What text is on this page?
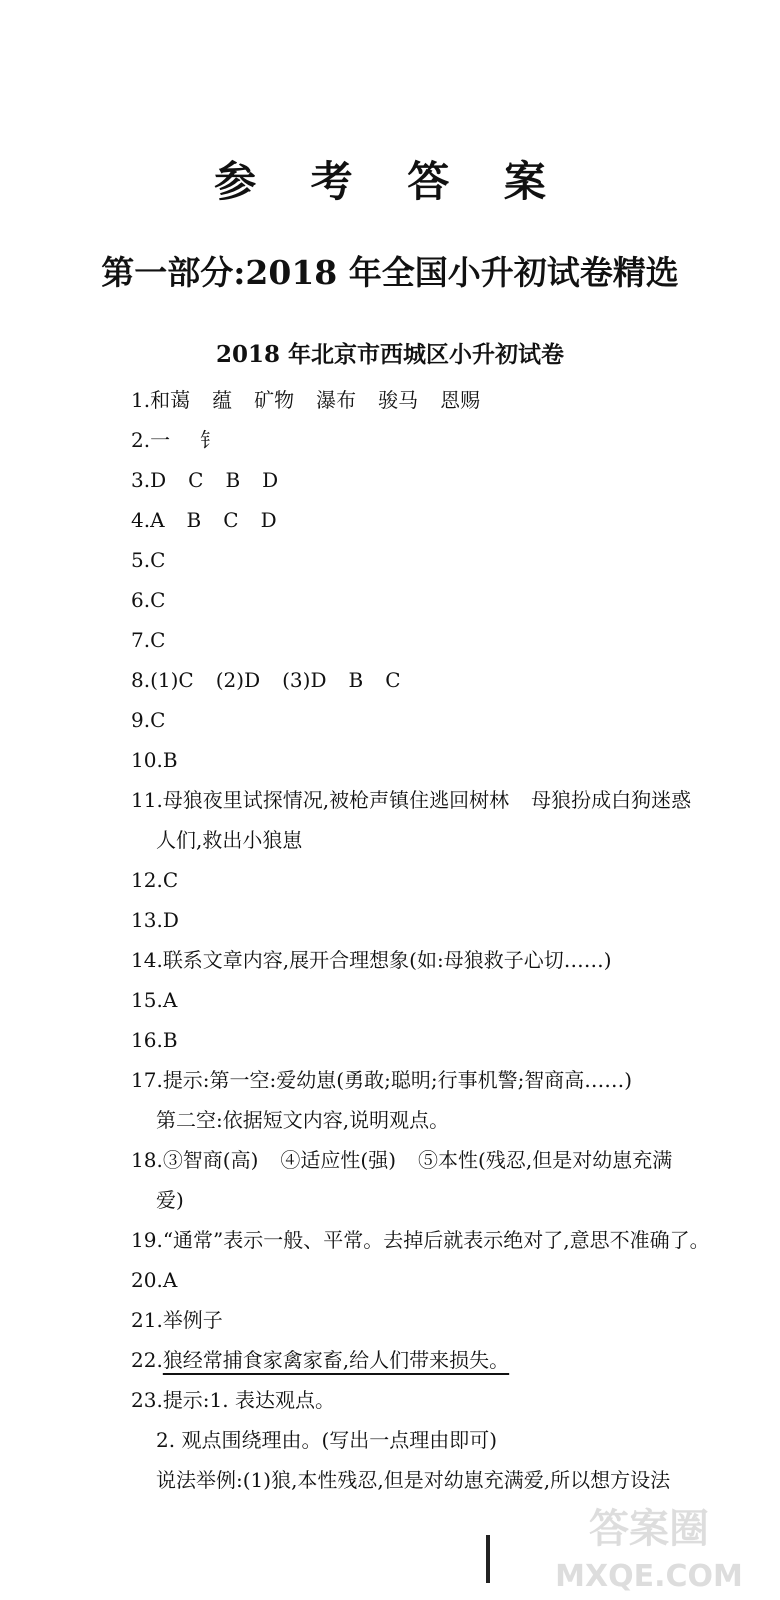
参 考 答 案
第一部分:2018 年全国小升初试卷精选
2018 年北京市西城区小升初试卷
1.和蔼 蕴 矿物 瀑布 骏马 恩赐
2.一 钅
3.D C B D
4.A B C D
5.C
6.C
7.C
8.(1)C (2)D (3)D B C
9.C
10.B
11.母狼夜里试探情况,被枪声镇住逃回树林 母狼扮成白狗迷惑
人们,救出小狼崽
12.C
13.D
14.联系文章内容,展开合理想象(如:母狼救子心切……)
15.A
16.B
17.提示:第一空:爱幼崽(勇敢;聪明;行事机警;智商高……)
第二空:依据短文内容,说明观点。
18.③智商(高) ④适应性(强) ⑤本性(残忍,但是对幼崽充满
爱)
19.“通常”表示一般、平常。去掉后就表示绝对了,意思不准确了。
20.A
21.举例子
22.狼经常捕食家禽家畜,给人们带来损失。
23.提示:1. 表达观点。
2. 观点围绕理由。(写出一点理由即可)
说法举例:(1)狼,本性残忍,但是对幼崽充满爱,所以想方设法
答案圈
MXQE.COM
